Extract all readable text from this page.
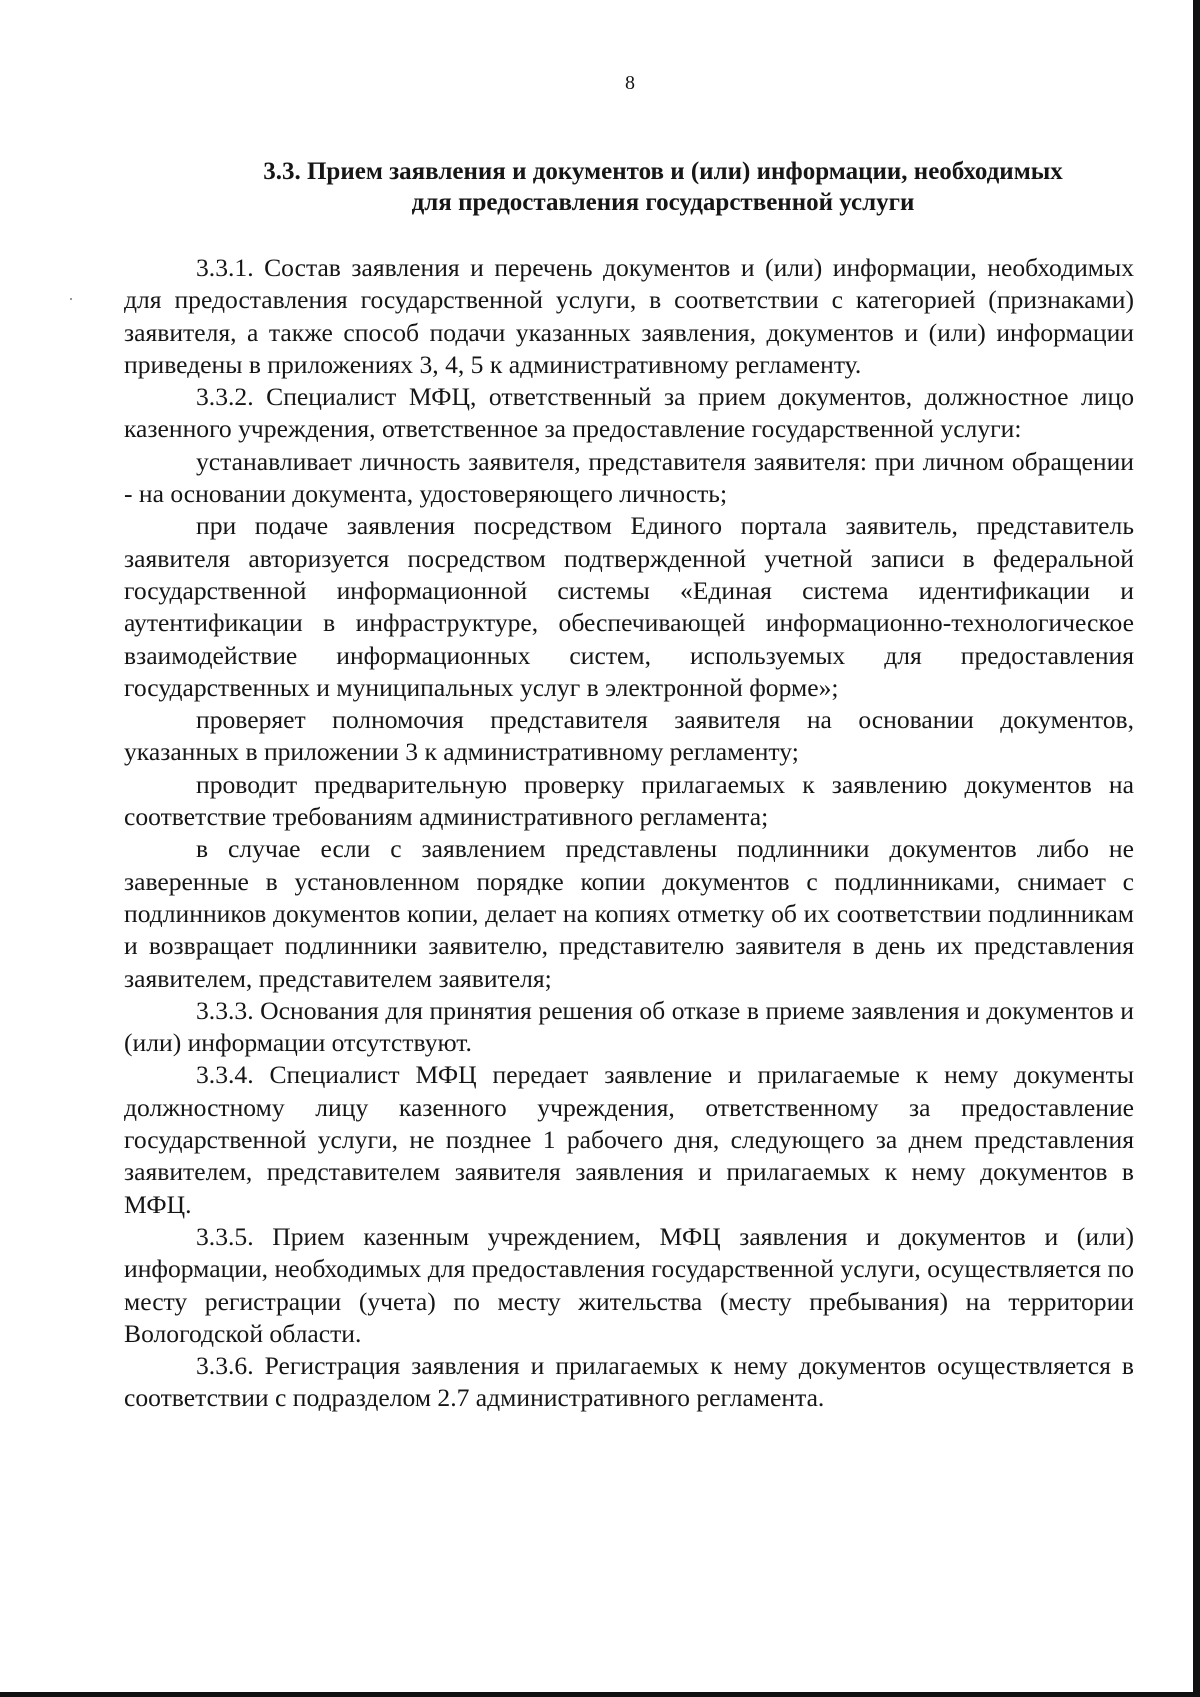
8
3.3. Прием заявления и документов и (или) информации, необходимых
для предоставления государственной услуги

3.3.1. Состав заявления и перечень документов и (или) информации, необходимых для предоставления государственной услуги, в соответствии с категорией (признаками) заявителя, а также способ подачи указанных заявления, документов и (или) информации приведены в приложениях 3, 4, 5 к административному регламенту.

3.3.2. Специалист МФЦ, ответственный за прием документов, должностное лицо казенного учреждения, ответственное за предоставление государственной услуги:

устанавливает личность заявителя, представителя заявителя: при личном обращении - на основании документа, удостоверяющего личность;

при подаче заявления посредством Единого портала заявитель, представитель заявителя авторизуется посредством подтвержденной учетной записи в федеральной государственной информационной системы «Единая система идентификации и аутентификации в инфраструктуре, обеспечивающей информационно-технологическое взаимодействие информационных систем, используемых для предоставления государственных и муниципальных услуг в электронной форме»;

проверяет полномочия представителя заявителя на основании документов, указанных в приложении 3 к административному регламенту;

проводит предварительную проверку прилагаемых к заявлению документов на соответствие требованиям административного регламента;

в случае если с заявлением представлены подлинники документов либо не заверенные в установленном порядке копии документов с подлинниками, снимает с подлинников документов копии, делает на копиях отметку об их соответствии подлинникам и возвращает подлинники заявителю, представителю заявителя в день их представления заявителем, представителем заявителя;

3.3.3. Основания для принятия решения об отказе в приеме заявления и документов и (или) информации отсутствуют.

3.3.4. Специалист МФЦ передает заявление и прилагаемые к нему документы должностному лицу казенного учреждения, ответственному за предоставление государственной услуги, не позднее 1 рабочего дня, следующего за днем представления заявителем, представителем заявителя заявления и прилагаемых к нему документов в МФЦ.

3.3.5. Прием казенным учреждением, МФЦ заявления и документов и (или) информации, необходимых для предоставления государственной услуги, осуществляется по месту регистрации (учета) по месту жительства (месту пребывания) на территории Вологодской области.

3.3.6. Регистрация заявления и прилагаемых к нему документов осуществляется в соответствии с подразделом 2.7 административного регламента.
